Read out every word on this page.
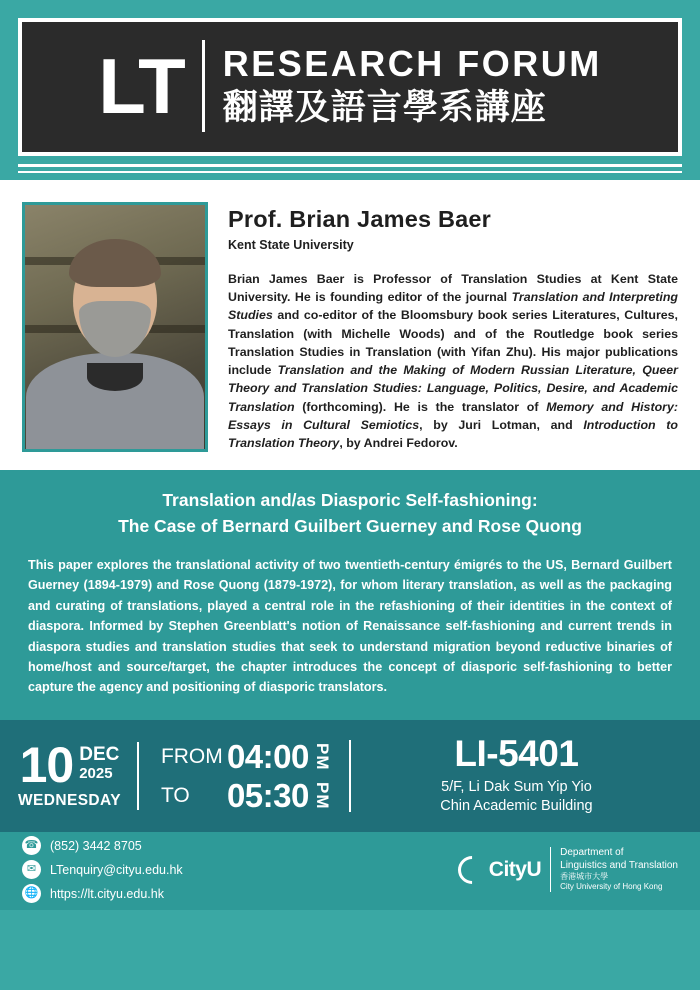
LT	RESEARCH FORUM
翻譯及語言學系講座
Prof. Brian James Baer
Kent State University
Brian James Baer is Professor of Translation Studies at Kent State University. He is founding editor of the journal Translation and Interpreting Studies and co-editor of the Bloomsbury book series Literatures, Cultures, Translation (with Michelle Woods) and of the Routledge book series Translation Studies in Translation (with Yifan Zhu). His major publications include Translation and the Making of Modern Russian Literature, Queer Theory and Translation Studies: Language, Politics, Desire, and Academic Translation (forthcoming). He is the translator of Memory and History: Essays in Cultural Semiotics, by Juri Lotman, and Introduction to Translation Theory, by Andrei Fedorov.
Translation and/as Diasporic Self-fashioning:
The Case of Bernard Guilbert Guerney and Rose Quong
This paper explores the translational activity of two twentieth-century émigrés to the US, Bernard Guilbert Guerney (1894-1979) and Rose Quong (1879-1972), for whom literary translation, as well as the packaging and curating of translations, played a central role in the refashioning of their identities in the context of diaspora. Informed by Stephen Greenblatt's notion of Renaissance self-fashioning and current trends in diaspora studies and translation studies that seek to understand migration beyond reductive binaries of home/host and source/target, the chapter introduces the concept of diasporic self-fashioning to better capture the agency and positioning of diasporic translators.
10 DEC
2025
WEDNESDAY
FROM 04:00 PM
TO	05:30 PM
LI-5401
5/F, Li Dak Sum Yip Yio
Chin Academic Building
☎ (852) 3442 8705
✉	LTenquiry@cityu.edu.hk
🌐 https://lt.cityu.edu.hk
CityU
Department of
Linguistics and Translation
香港城市大學
City University of Hong Kong
